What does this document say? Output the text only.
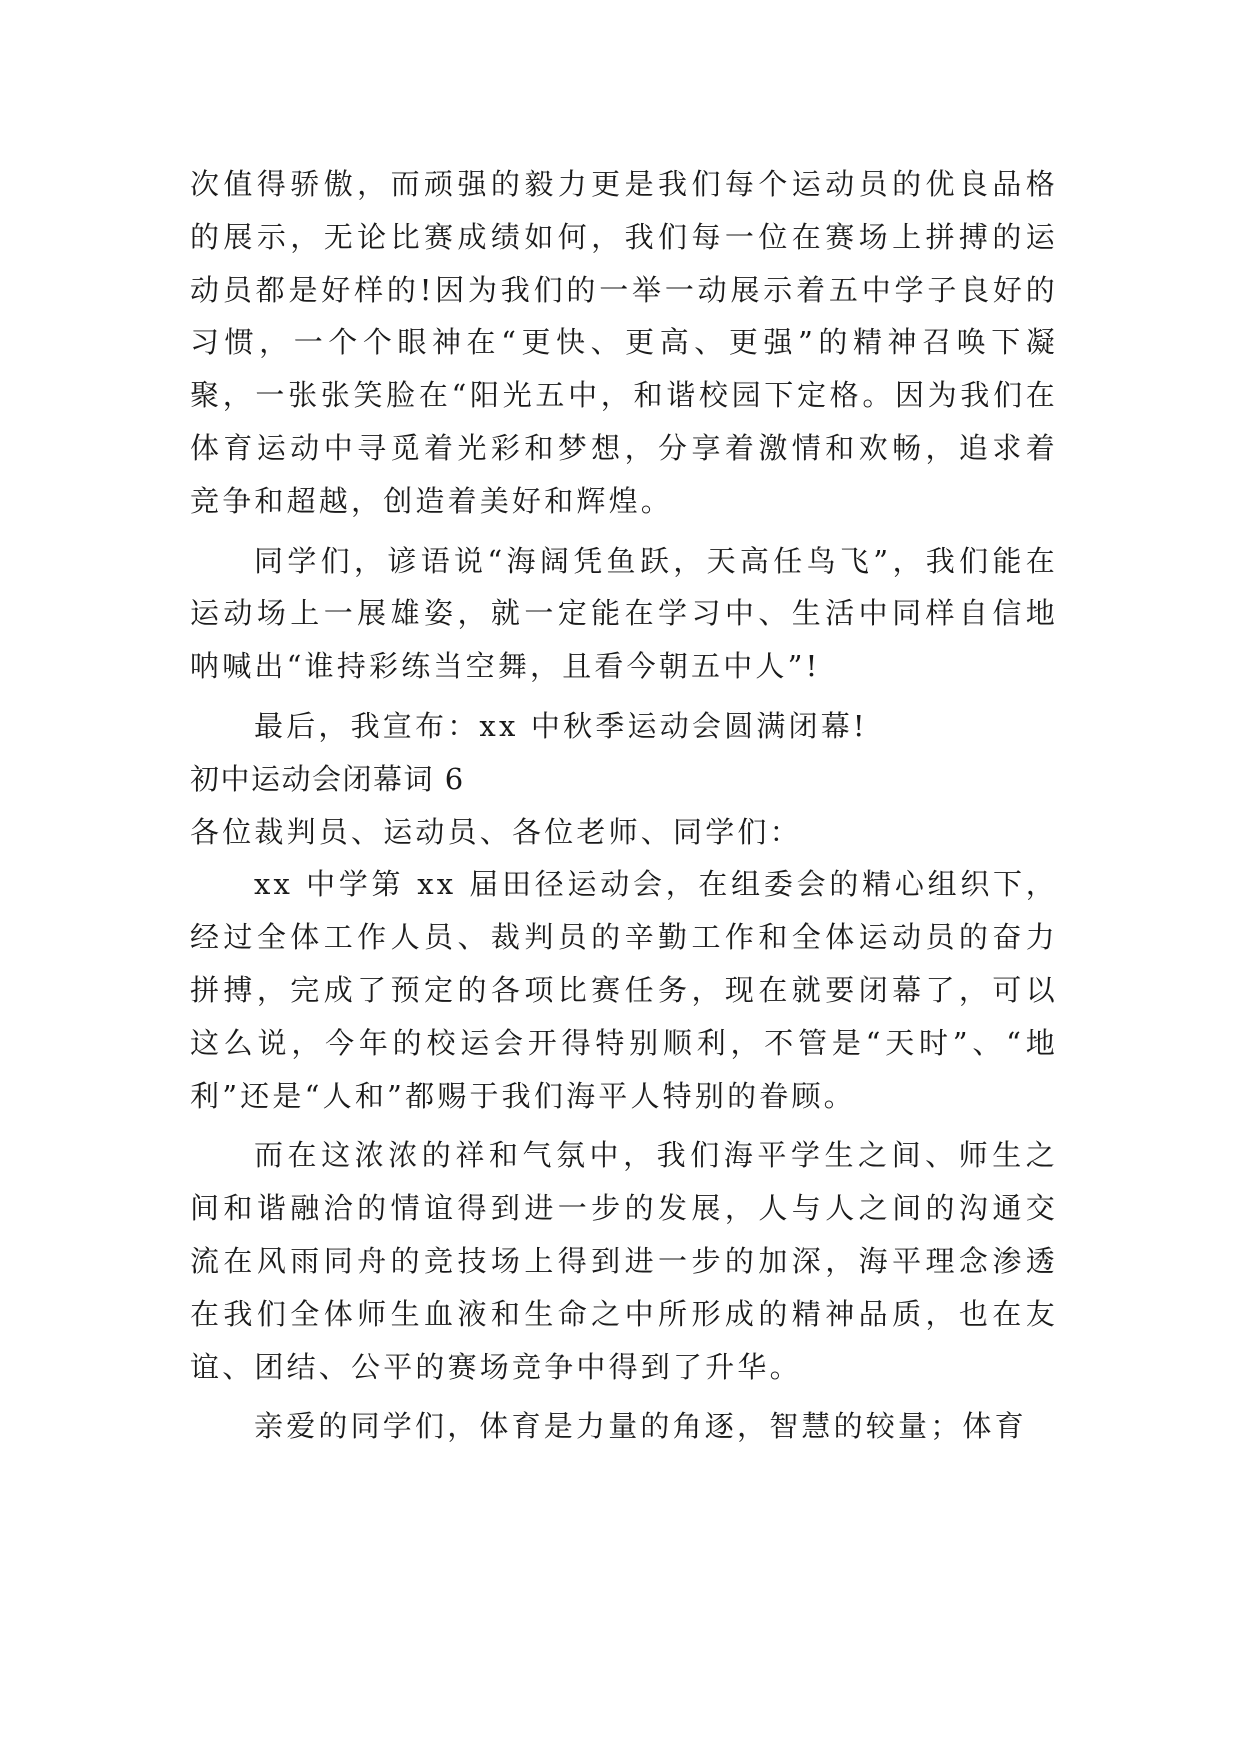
次值得骄傲，而顽强的毅力更是我们每个运动员的优良品格的展示，无论比赛成绩如何，我们每一位在赛场上拼搏的运动员都是好样的!因为我们的一举一动展示着五中学子良好的习惯，一个个眼神在“更快、更高、更强”的精神召唤下凝聚，一张张笑脸在“阳光五中，和谐校园下定格。因为我们在体育运动中寻觅着光彩和梦想，分享着激情和欢畅，追求着竞争和超越，创造着美好和辉煌。

同学们，谚语说“海阔凭鱼跃，天高任鸟飞”，我们能在运动场上一展雄姿，就一定能在学习中、生活中同样自信地呐喊出“谁持彩练当空舞，且看今朝五中人”!

最后，我宣布：xx 中秋季运动会圆满闭幕!

初中运动会闭幕词 6

各位裁判员、运动员、各位老师、同学们：

xx 中学第 xx 届田径运动会，在组委会的精心组织下，经过全体工作人员、裁判员的辛勤工作和全体运动员的奋力拼搏，完成了预定的各项比赛任务，现在就要闭幕了，可以这么说，今年的校运会开得特别顺利，不管是“天时”、“地利”还是“人和”都赐于我们海平人特别的眷顾。

而在这浓浓的祥和气氛中，我们海平学生之间、师生之间和谐融洽的情谊得到进一步的发展，人与人之间的沟通交流在风雨同舟的竞技场上得到进一步的加深，海平理念渗透在我们全体师生血液和生命之中所形成的精神品质，也在友谊、团结、公平的赛场竞争中得到了升华。

亲爱的同学们，体育是力量的角逐，智慧的较量；体育
